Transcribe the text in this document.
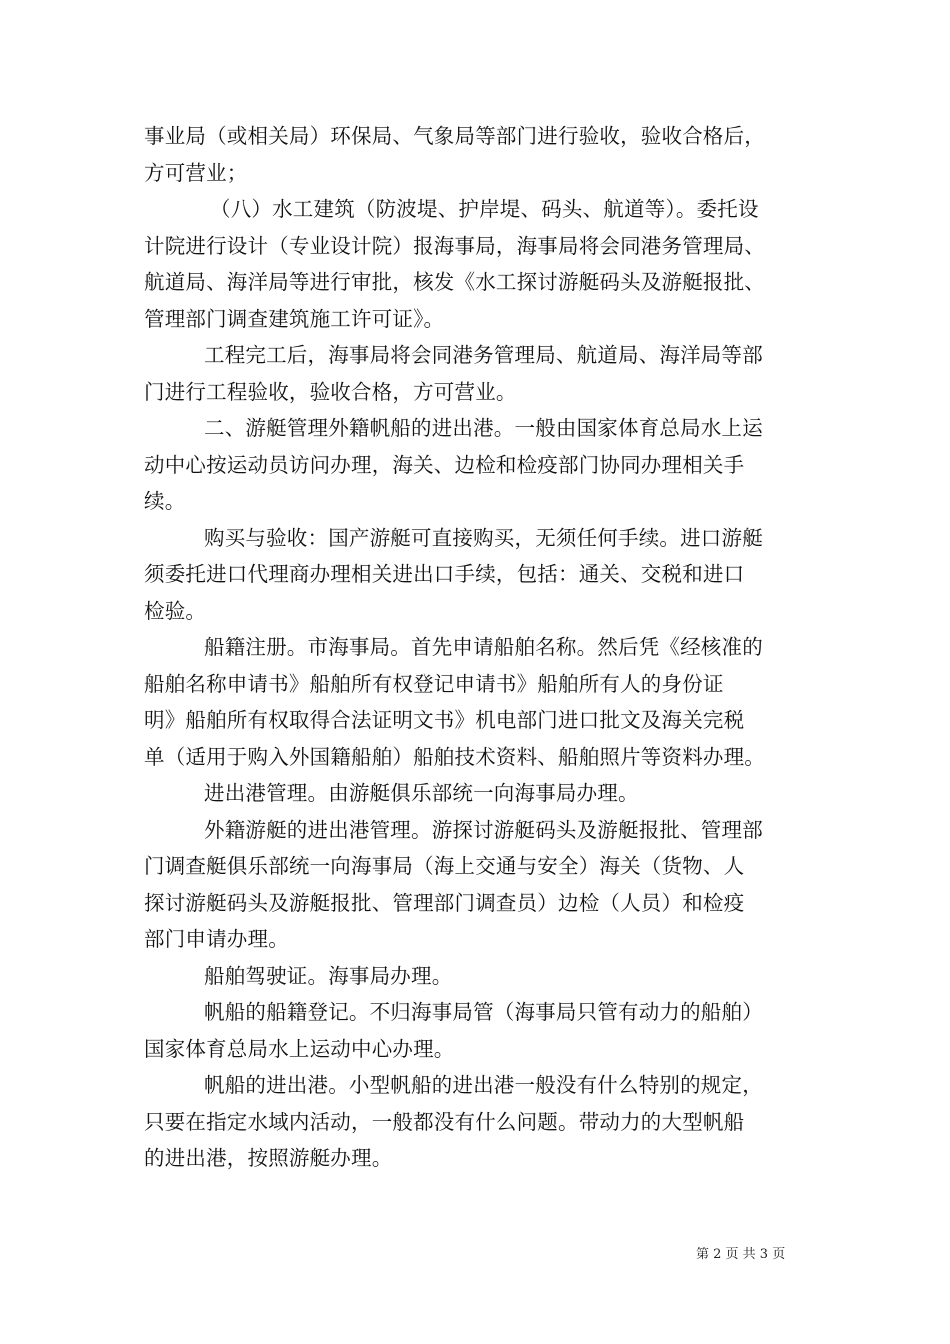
事业局（或相关局）环保局、气象局等部门进行验收，验收合格后，
方可营业；
（八）水工建筑（防波堤、护岸堤、码头、航道等）。委托设
计院进行设计（专业设计院）报海事局，海事局将会同港务管理局、
航道局、海洋局等进行审批，核发《水工探讨游艇码头及游艇报批、
管理部门调查建筑施工许可证》。
工程完工后，海事局将会同港务管理局、航道局、海洋局等部
门进行工程验收，验收合格，方可营业。
二、游艇管理外籍帆船的进出港。一般由国家体育总局水上运
动中心按运动员访问办理，海关、边检和检疫部门协同办理相关手
续。
购买与验收：国产游艇可直接购买，无须任何手续。进口游艇
须委托进口代理商办理相关进出口手续，包括：通关、交税和进口
检验。
船籍注册。市海事局。首先申请船舶名称。然后凭《经核准的
船舶名称申请书》船舶所有权登记申请书》船舶所有人的身份证
明》船舶所有权取得合法证明文书》机电部门进口批文及海关完税
单（适用于购入外国籍船舶）船舶技术资料、船舶照片等资料办理。
进出港管理。由游艇俱乐部统一向海事局办理。
外籍游艇的进出港管理。游探讨游艇码头及游艇报批、管理部
门调查艇俱乐部统一向海事局（海上交通与安全）海关（货物、人
探讨游艇码头及游艇报批、管理部门调查员）边检（人员）和检疫
部门申请办理。
船舶驾驶证。海事局办理。
帆船的船籍登记。不归海事局管（海事局只管有动力的船舶）
国家体育总局水上运动中心办理。
帆船的进出港。小型帆船的进出港一般没有什么特别的规定，
只要在指定水域内活动，一般都没有什么问题。带动力的大型帆船
的进出港，按照游艇办理。
第 2 页 共 3 页
